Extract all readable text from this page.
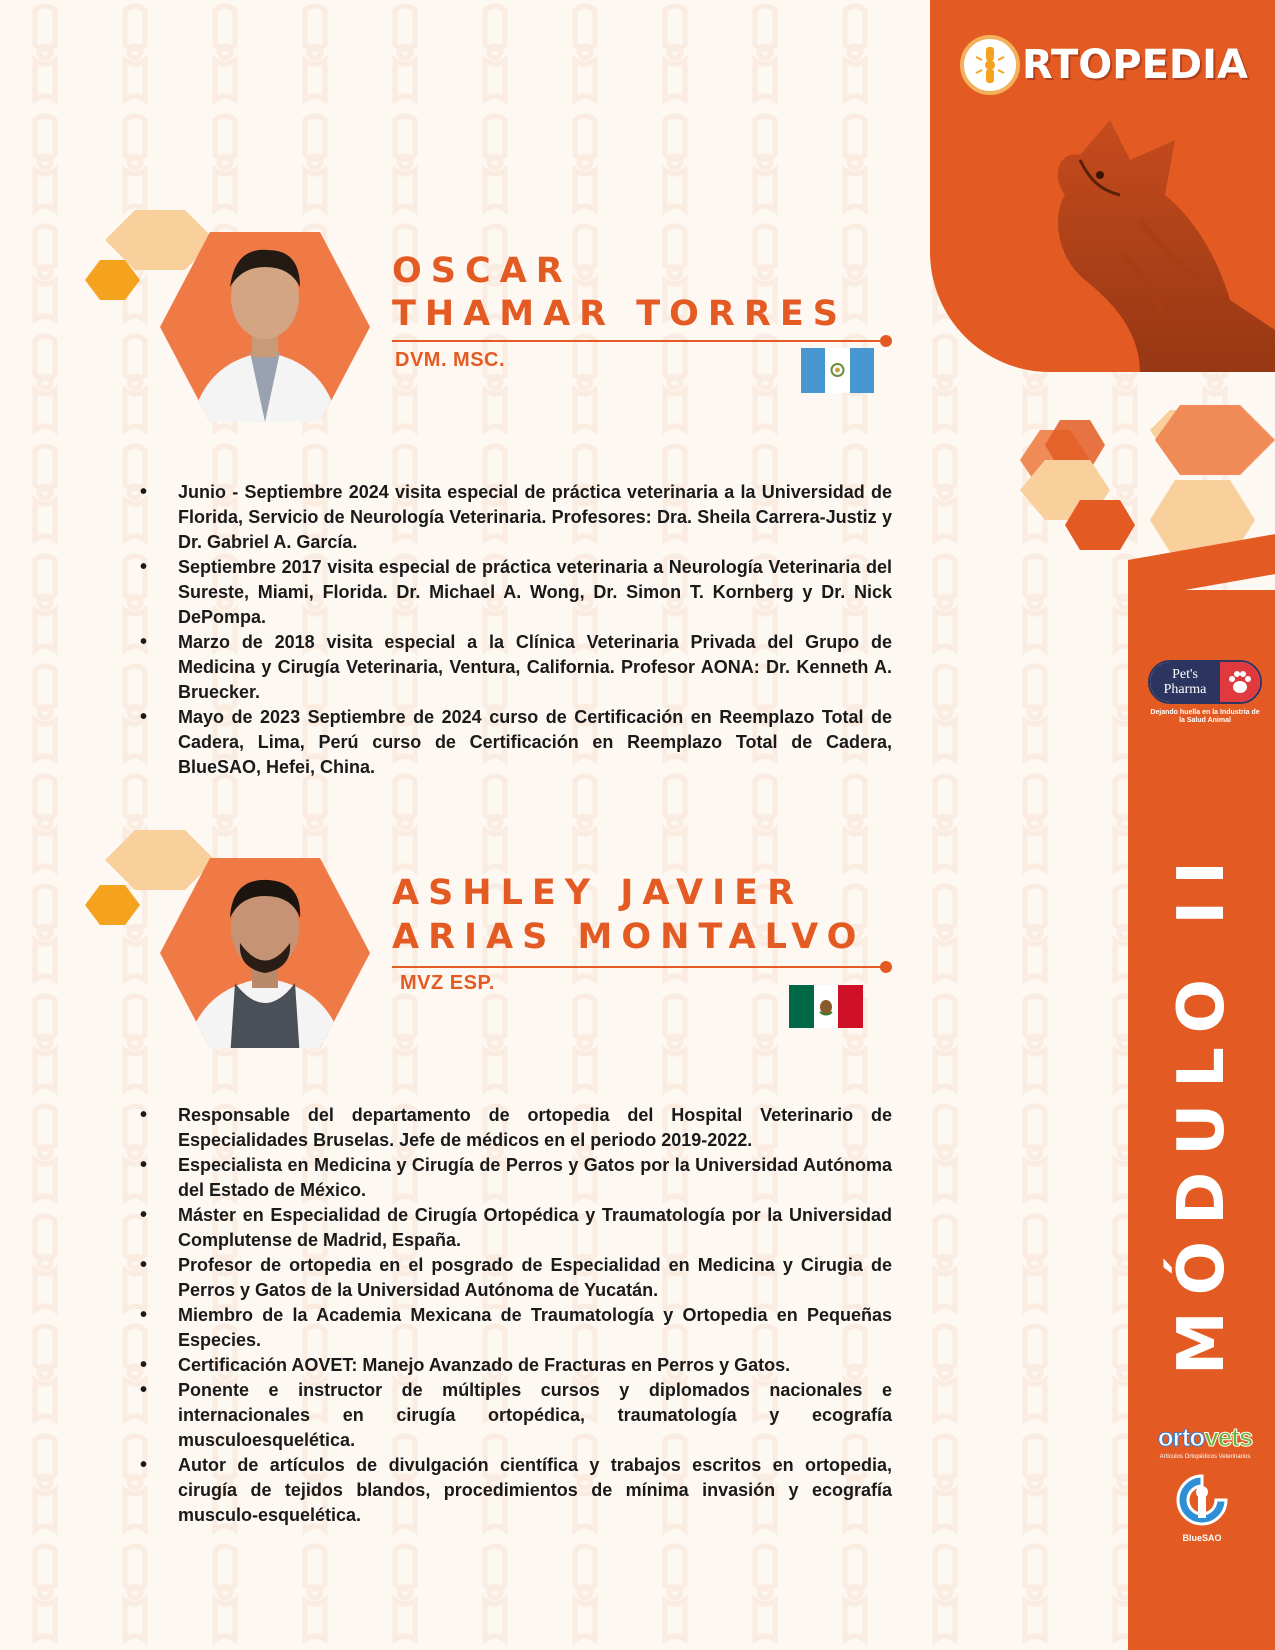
RTOPEDIA
Pet's Pharma
Dejando huella en la Industria de la Salud Animal
MÓDULO II
ortovets
Artículos Ortopédicos Veterinarios
BlueSAO
OSCAR
THAMAR TORRES
DVM. MSC.
• Junio - Septiembre 2024 visita especial de práctica veterinaria a la Universidad de Florida, Servicio de Neurología Veterinaria. Profesores: Dra. Sheila Carrera-Justiz y Dr. Gabriel A. García.
• Septiembre 2017 visita especial de práctica veterinaria a Neurología Veterinaria del Sureste, Miami, Florida. Dr. Michael A. Wong, Dr. Simon T. Kornberg y Dr. Nick DePompa.
• Marzo de 2018 visita especial a la Clínica Veterinaria Privada del Grupo de Medicina y Cirugía Veterinaria, Ventura, California. Profesor AONA: Dr. Kenneth A. Bruecker.
• Mayo de 2023 Septiembre de 2024 curso de Certificación en Reemplazo Total de Cadera, Lima, Perú curso de Certificación en Reemplazo Total de Cadera, BlueSAO, Hefei, China.
ASHLEY JAVIER
ARIAS MONTALVO
MVZ ESP.
• Responsable del departamento de ortopedia del Hospital Veterinario de Especialidades Bruselas. Jefe de médicos en el periodo 2019-2022.
• Especialista en Medicina y Cirugía de Perros y Gatos por la Universidad Autónoma del Estado de México.
• Máster en Especialidad de Cirugía Ortopédica y Traumatología por la Universidad Complutense de Madrid, España.
• Profesor de ortopedia en el posgrado de Especialidad en Medicina y Cirugia de Perros y Gatos de la Universidad Autónoma de Yucatán.
• Miembro de la Academia Mexicana de Traumatología y Ortopedia en Pequeñas Especies.
• Certificación AOVET: Manejo Avanzado de Fracturas en Perros y Gatos.
• Ponente e instructor de múltiples cursos y diplomados nacionales e internacionales en cirugía ortopédica, traumatología y ecografía musculoesquelética.
• Autor de artículos de divulgación científica y trabajos escritos en ortopedia, cirugía de tejidos blandos, procedimientos de mínima invasión y ecografía musculo-esquelética.
